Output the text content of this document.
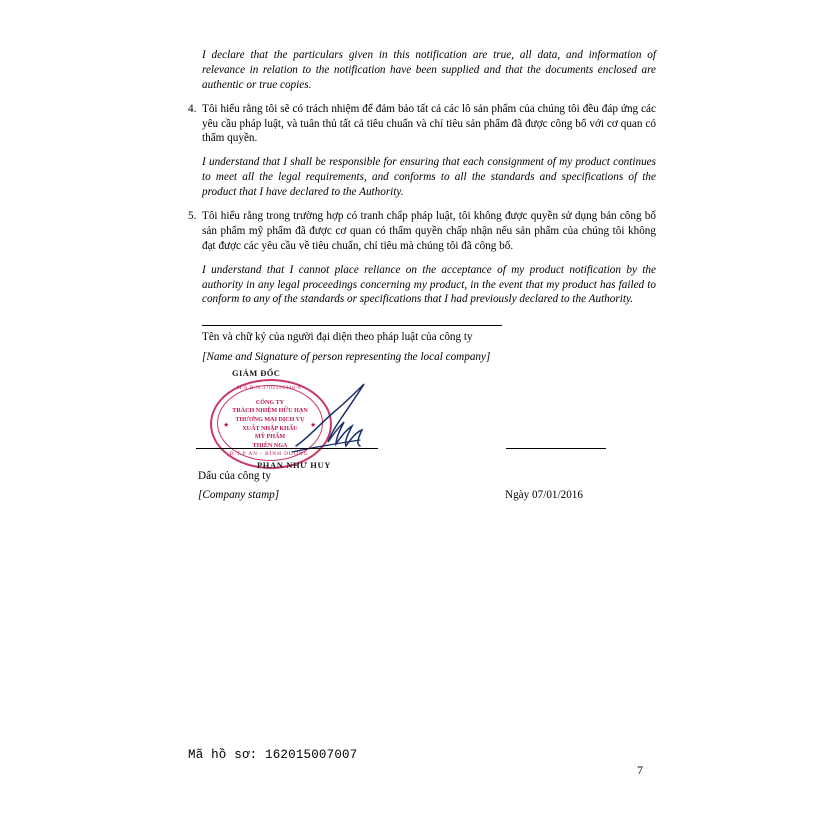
I declare that the particulars given in this notification are true, all data, and information of relevance in relation to the notification have been supplied and that the documents enclosed are authentic or true copies.
4. Tôi hiểu rằng tôi sẽ có trách nhiệm để đảm bảo tất cả các lô sản phẩm của chúng tôi đều đáp ứng các yêu cầu pháp luật, và tuân thủ tất cả tiêu chuẩn và chỉ tiêu sản phẩm đã được công bố với cơ quan có thẩm quyền.
I understand that I shall be responsible for ensuring that each consignment of my product continues to meet all the legal requirements, and conforms to all the standards and specifications of the product that I have declared to the Authority.
5. Tôi hiểu rằng trong trường hợp có tranh chấp pháp luật, tôi không được quyền sử dụng bản công bố sản phẩm mỹ phẩm đã được cơ quan có thẩm quyền chấp nhận nếu sản phẩm của chúng tôi không đạt được các yêu cầu về tiêu chuẩn, chỉ tiêu mà chúng tôi đã công bố.
I understand that I cannot place reliance on the acceptance of my product notification by the authority in any legal proceedings concerning my product, in the event that my product has failed to conform to any of the standards or specifications that I had previously declared to the Authority.
Tên và chữ ký của người đại diện theo pháp luật của công ty
[Name and Signature of person representing the local company]
GIÁM ĐỐC
M.S.D.N 3702296346-6
★	★
CÔNG TY
TRÁCH NHIỆM HỮU HẠN
THƯƠNG MẠI DỊCH VỤ
XUẤT NHẬP KHẨU
MỸ PHẨM
THIÊN NGA
Đ.T.P AN - BÌNH DƯƠNG
PHAN NHƯ HUY
Dấu của công ty
[Company stamp]	Ngày 07/01/2016
Mã hồ sơ: 162015007007
7
